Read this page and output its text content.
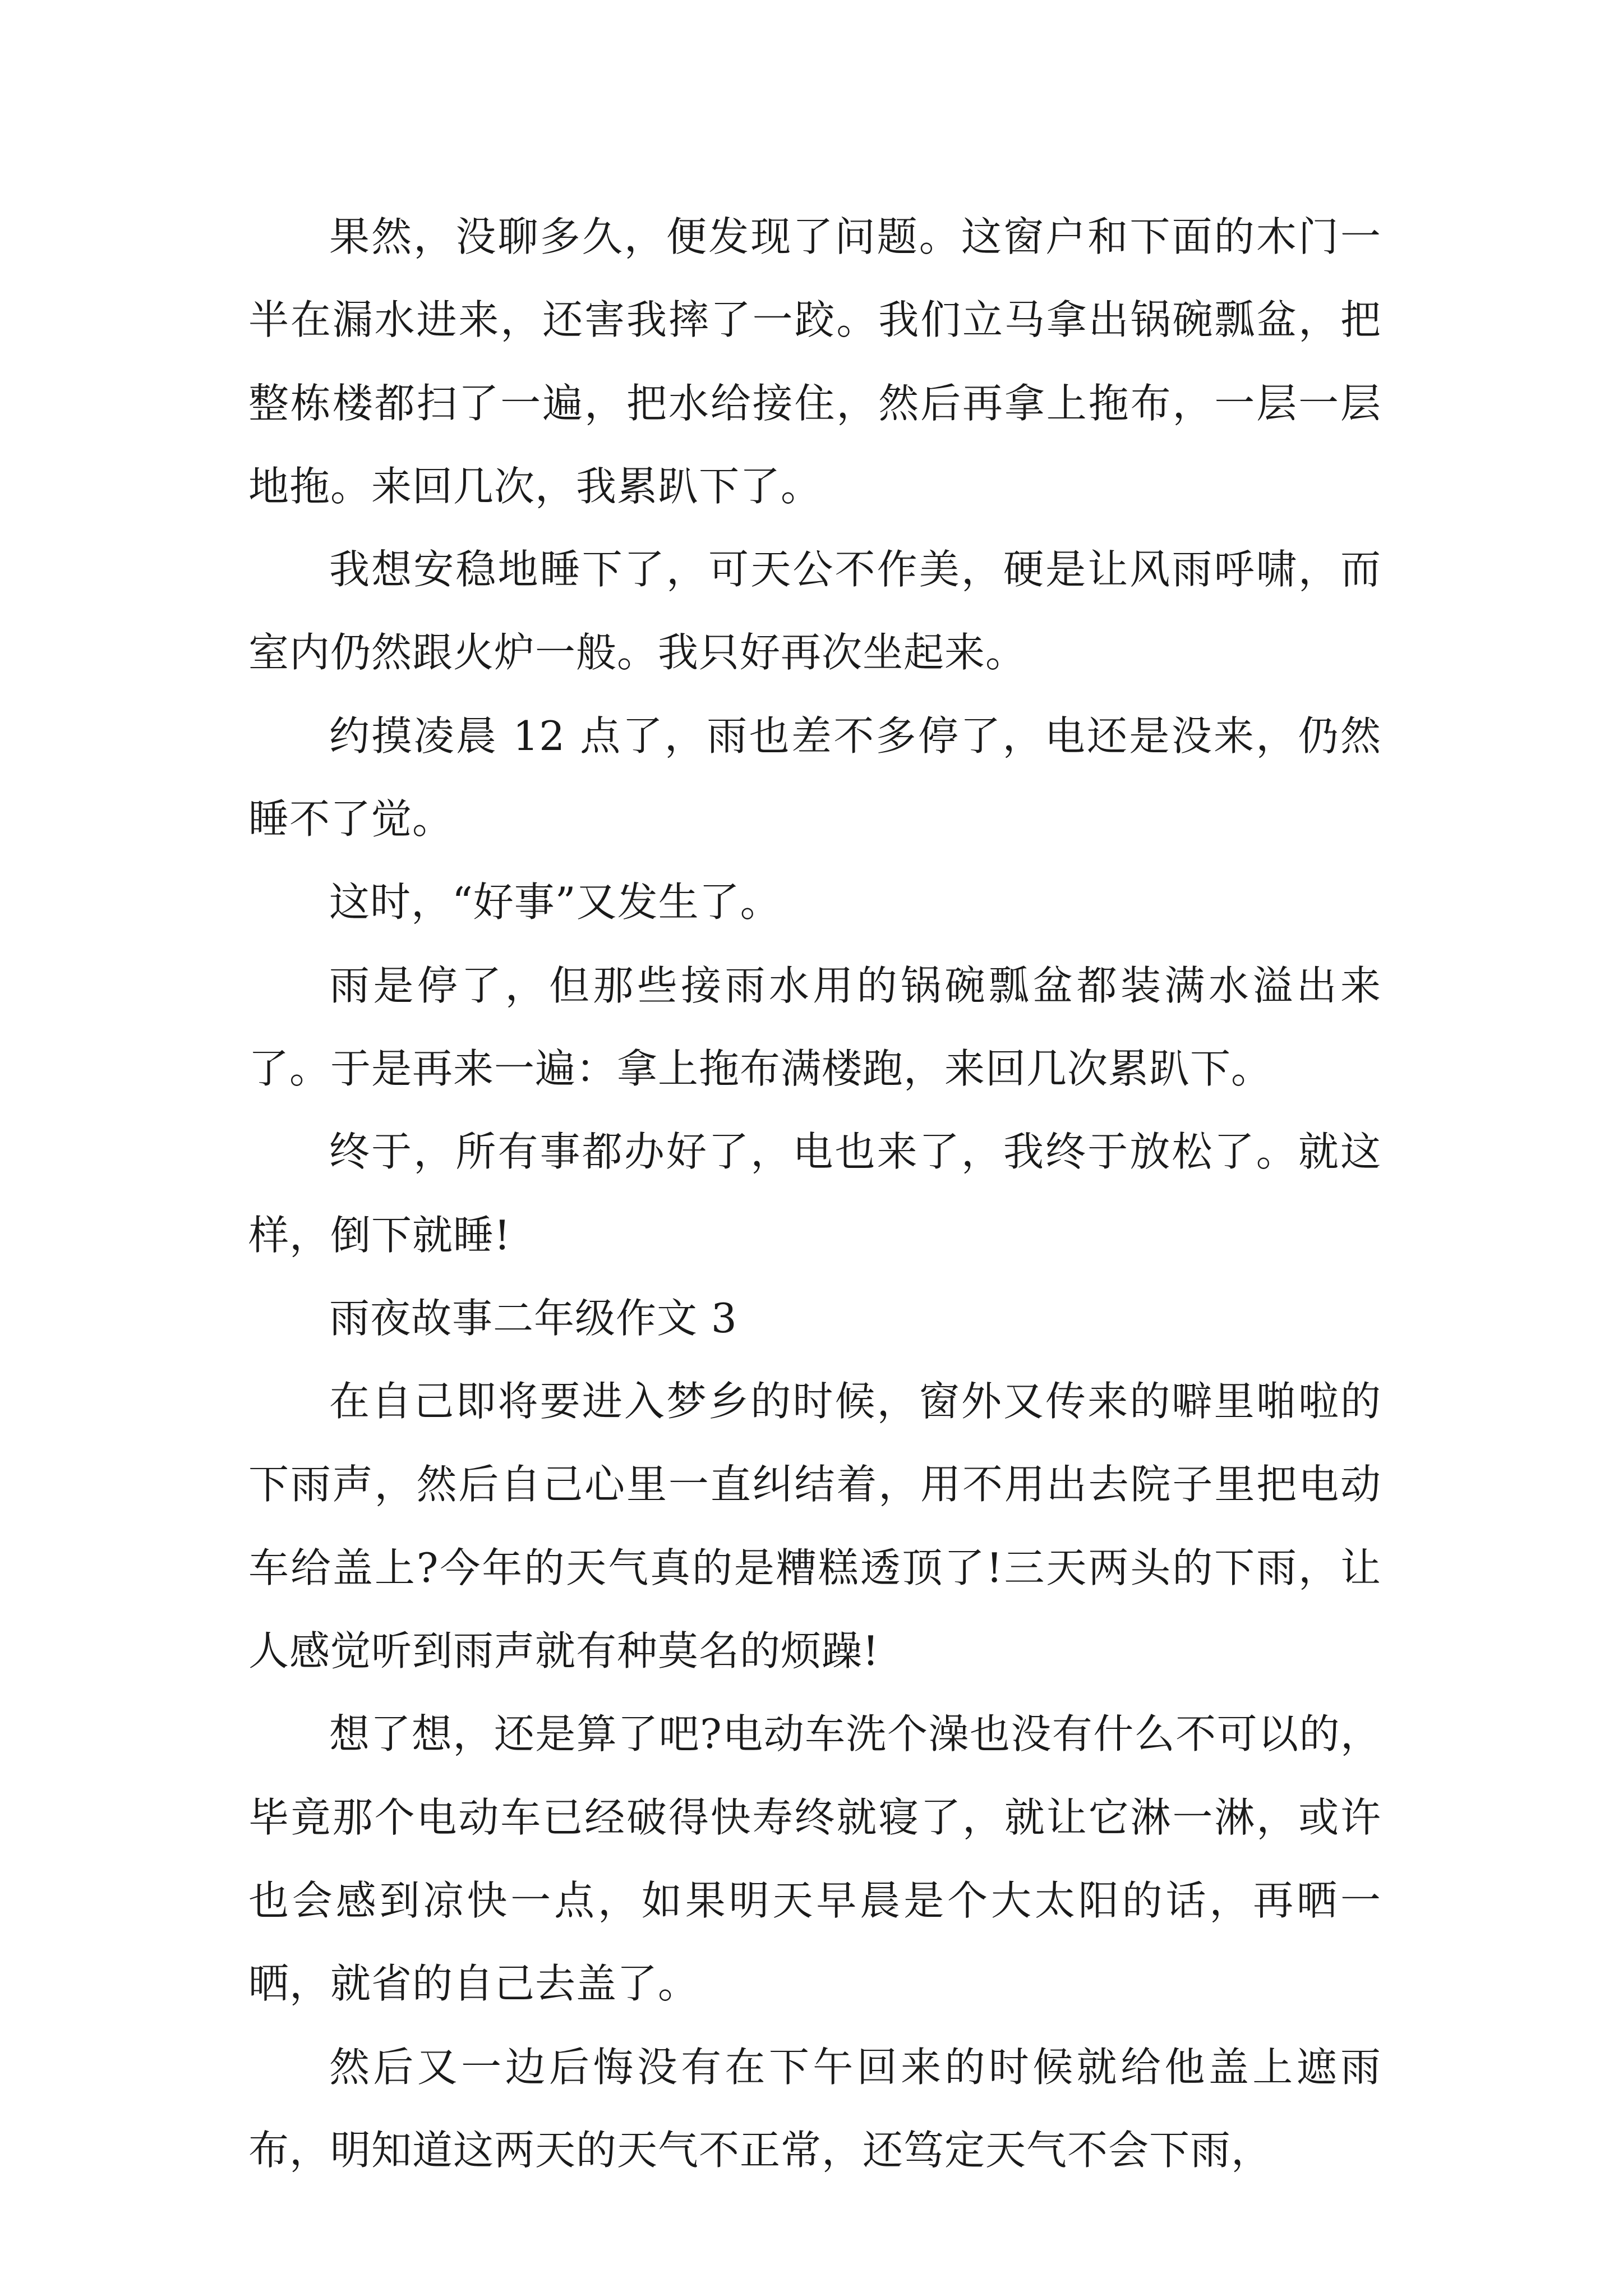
果然，没聊多久，便发现了问题。这窗户和下面的木门一半在漏水进来，还害我摔了一跤。我们立马拿出锅碗瓢盆，把整栋楼都扫了一遍，把水给接住，然后再拿上拖布，一层一层地拖。来回几次，我累趴下了。

我想安稳地睡下了，可天公不作美，硬是让风雨呼啸，而室内仍然跟火炉一般。我只好再次坐起来。

约摸凌晨 12 点了，雨也差不多停了，电还是没来，仍然睡不了觉。

这时，“好事”又发生了。

雨是停了，但那些接雨水用的锅碗瓢盆都装满水溢出来了。于是再来一遍：拿上拖布满楼跑，来回几次累趴下。

终于，所有事都办好了，电也来了，我终于放松了。就这样，倒下就睡!

雨夜故事二年级作文 3

在自己即将要进入梦乡的时候，窗外又传来的噼里啪啦的下雨声，然后自己心里一直纠结着，用不用出去院子里把电动车给盖上?今年的天气真的是糟糕透顶了!三天两头的下雨，让人感觉听到雨声就有种莫名的烦躁!

想了想，还是算了吧?电动车洗个澡也没有什么不可以的，毕竟那个电动车已经破得快寿终就寝了，就让它淋一淋，或许也会感到凉快一点，如果明天早晨是个大太阳的话，再晒一晒，就省的自己去盖了。

然后又一边后悔没有在下午回来的时候就给他盖上遮雨布，明知道这两天的天气不正常，还笃定天气不会下雨，
